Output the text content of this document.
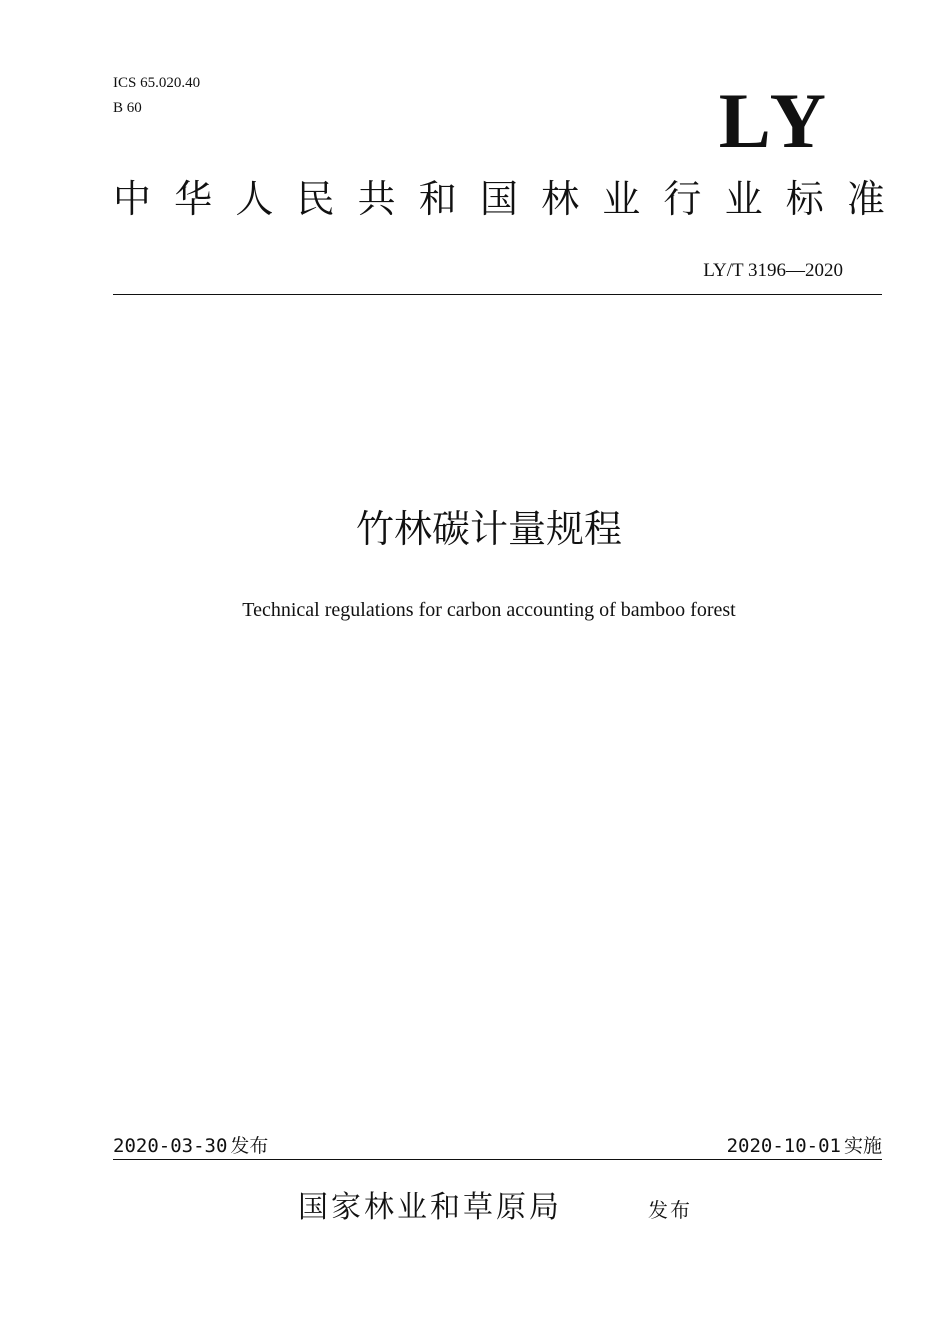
ICS 65.020.40
B 60	LY
中 华 人 民 共 和 国 林 业 行 业 标 准
LY/T 3196—2020
竹林碳计量规程
Technical regulations for carbon accounting of bamboo forest
2020-03-30 发布	2020-10-01 实施
国家林业和草原局	发布
